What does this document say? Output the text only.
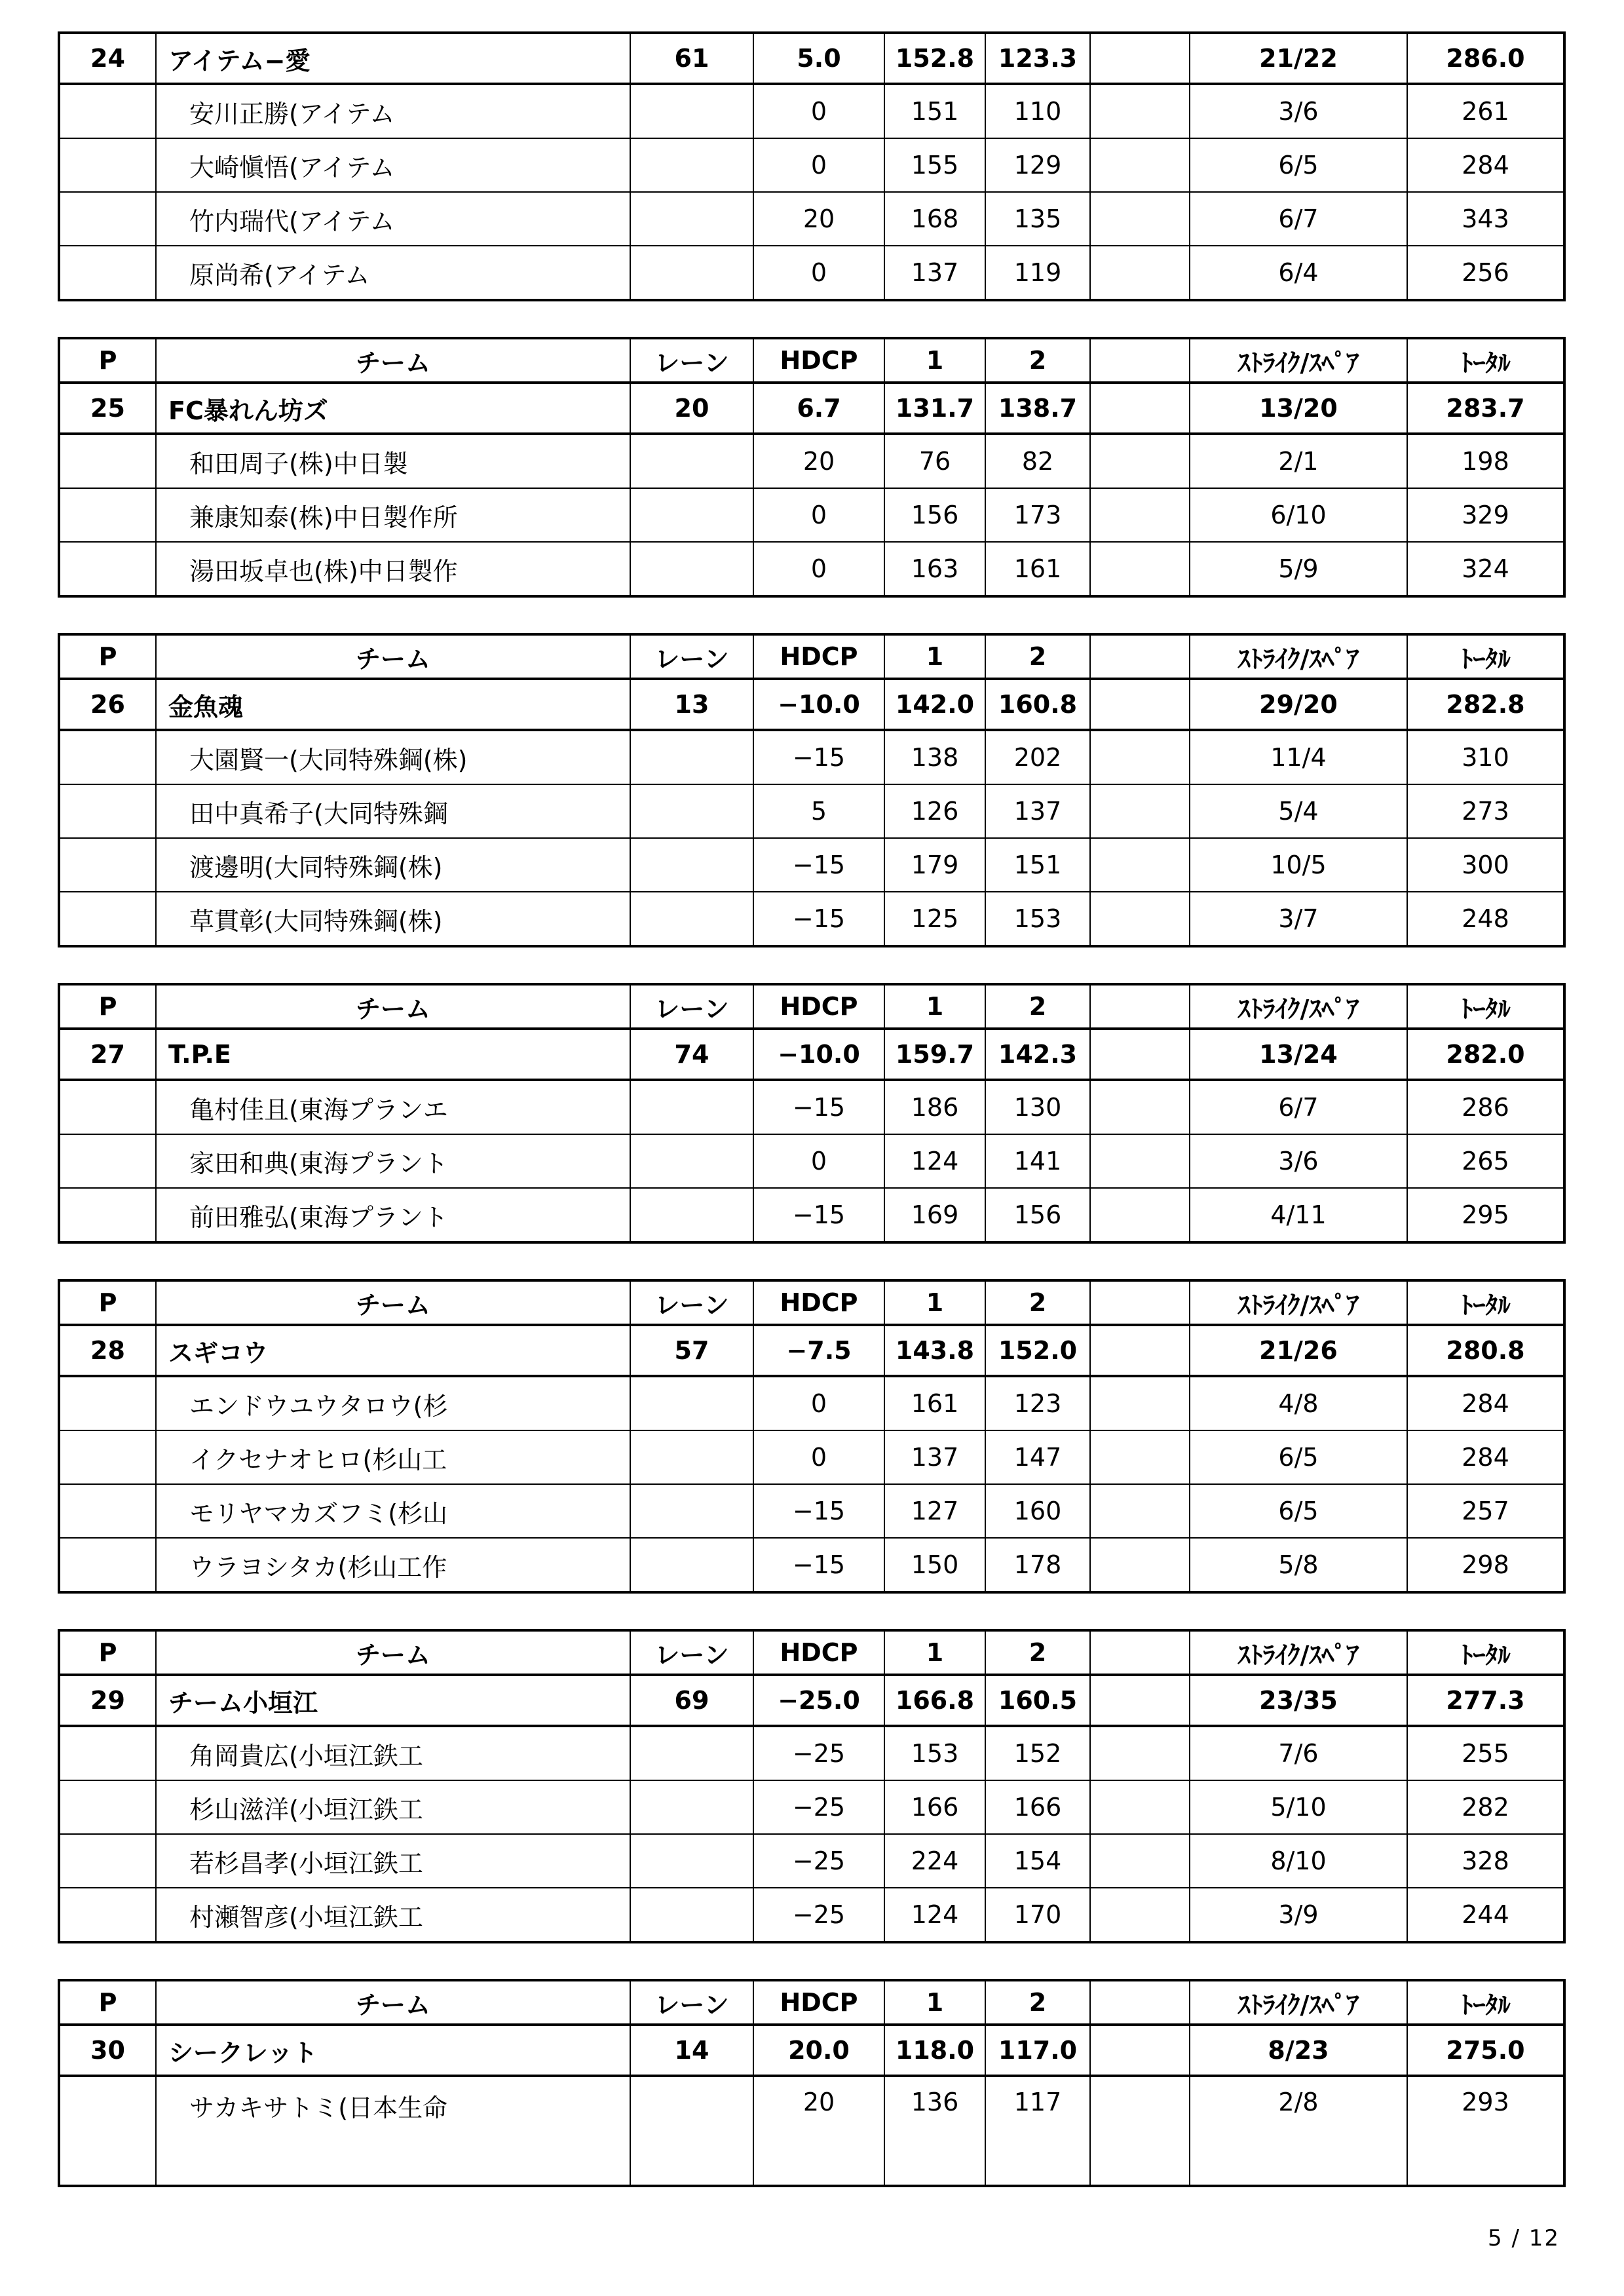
24	アイテム−愛	61	5.0	152.8	123.3		21/22	286.0
	安川正勝(アイテム		0	151	110		3/6	261
	大崎愼悟(アイテム		0	155	129		6/5	284
	竹内瑞代(アイテム		20	168	135		6/7	343
	原尚希(アイテム		0	137	119		6/4	256
P	チーム	レーン	HDCP	1	2		ｽﾄﾗｲｸ/ｽﾍﾟｱ	ﾄｰﾀﾙ
25	FC暴れん坊ズ	20	6.7	131.7	138.7		13/20	283.7
	和田周子(株)中日製		20	76	82		2/1	198
	兼康知泰(株)中日製作所		0	156	173		6/10	329
	湯田坂卓也(株)中日製作		0	163	161		5/9	324
P	チーム	レーン	HDCP	1	2		ｽﾄﾗｲｸ/ｽﾍﾟｱ	ﾄｰﾀﾙ
26	金魚魂	13	−10.0	142.0	160.8		29/20	282.8
	大園賢一(大同特殊鋼(株)		−15	138	202		11/4	310
	田中真希子(大同特殊鋼		5	126	137		5/4	273
	渡邊明(大同特殊鋼(株)		−15	179	151		10/5	300
	草貫彰(大同特殊鋼(株)		−15	125	153		3/7	248
P	チーム	レーン	HDCP	1	2		ｽﾄﾗｲｸ/ｽﾍﾟｱ	ﾄｰﾀﾙ
27	T.P.E	74	−10.0	159.7	142.3		13/24	282.0
	亀村佳且(東海プランエ		−15	186	130		6/7	286
	家田和典(東海プラント		0	124	141		3/6	265
	前田雅弘(東海プラント		−15	169	156		4/11	295
P	チーム	レーン	HDCP	1	2		ｽﾄﾗｲｸ/ｽﾍﾟｱ	ﾄｰﾀﾙ
28	スギコウ	57	−7.5	143.8	152.0		21/26	280.8
	エンドウユウタロウ(杉		0	161	123		4/8	284
	イクセナオヒロ(杉山工		0	137	147		6/5	284
	モリヤマカズフミ(杉山		−15	127	160		6/5	257
	ウラヨシタカ(杉山工作		−15	150	178		5/8	298
P	チーム	レーン	HDCP	1	2		ｽﾄﾗｲｸ/ｽﾍﾟｱ	ﾄｰﾀﾙ
29	チーム小垣江	69	−25.0	166.8	160.5		23/35	277.3
	角岡貴広(小垣江鉄工		−25	153	152		7/6	255
	杉山滋洋(小垣江鉄工		−25	166	166		5/10	282
	若杉昌孝(小垣江鉄工		−25	224	154		8/10	328
	村瀬智彦(小垣江鉄工		−25	124	170		3/9	244
P	チーム	レーン	HDCP	1	2		ｽﾄﾗｲｸ/ｽﾍﾟｱ	ﾄｰﾀﾙ
30	シークレット	14	20.0	118.0	117.0		8/23	275.0
	サカキサトミ(日本生命		20	136	117		2/8	293
5 / 12
